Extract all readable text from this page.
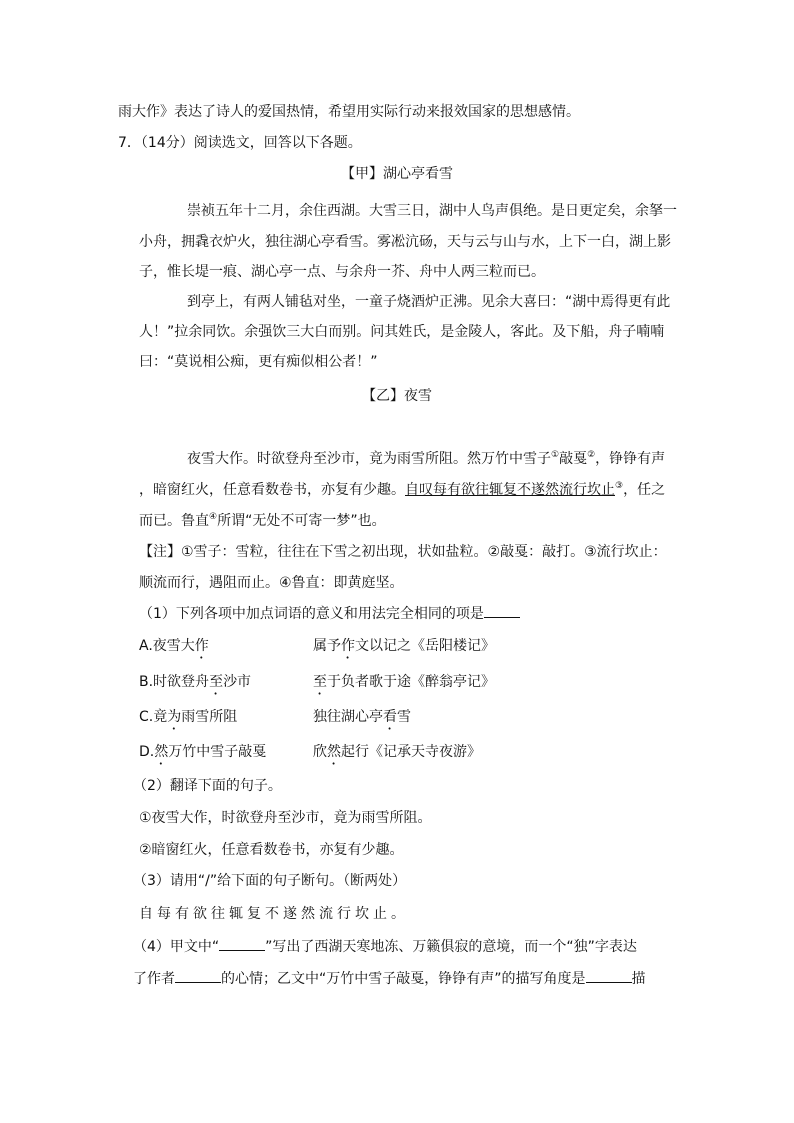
雨大作》表达了诗人的爱国热情，希望用实际行动来报效国家的思想感情。
7．（14分）阅读选文，回答以下各题。
【甲】湖心亭看雪
崇祯五年十二月，余住西湖。大雪三日，湖中人鸟声俱绝。是日更定矣，余拏一
小舟，拥毳衣炉火，独往湖心亭看雪。雾凇沆砀，天与云与山与水，上下一白，湖上影
子，惟长堤一痕、湖心亭一点、与余舟一芥、舟中人两三粒而已。
到亭上，有两人铺毡对坐，一童子烧酒炉正沸。见余大喜曰：“湖中焉得更有此
人！”拉余同饮。余强饮三大白而别。问其姓氏，是金陵人，客此。及下船，舟子喃喃
曰：“莫说相公痴，更有痴似相公者！”
【乙】夜雪
夜雪大作。时欲登舟至沙市，竟为雨雪所阻。然万竹中雪子①敲戛②，铮铮有声
，暗窗红火，任意看数卷书，亦复有少趣。自叹每有欲往辄复不遂然流行坎止③，任之
而已。鲁直④所谓“无处不可寄一梦”也。
【注】①雪子：雪粒，往往在下雪之初出现，状如盐粒。②敲戛：敲打。③流行坎止：
顺流而行，遇阻而止。④鲁直：即黄庭坚。
（1）下列各项中加点词语的意义和用法完全相同的项是
A.夜雪大作	属予作文以记之《岳阳楼记》
B.时欲登舟至沙市	至于负者歌于途《醉翁亭记》
C.竟为雨雪所阻	独往湖心亭看雪
D.然万竹中雪子敲戛	欣然起行《记承天寺夜游》
（2）翻译下面的句子。
①夜雪大作，时欲登舟至沙市，竟为雨雪所阻。
②暗窗红火，任意看数卷书，亦复有少趣。
（3）请用“/”给下面的句子断句。（断两处）
自每有欲往辄复不遂然流行坎止。
（4）甲文中“	”写出了西湖天寒地冻、万籁俱寂的意境，而一个“独”字表达
了作者	的心情；乙文中“万竹中雪子敲戛，铮铮有声”的描写角度是	描
